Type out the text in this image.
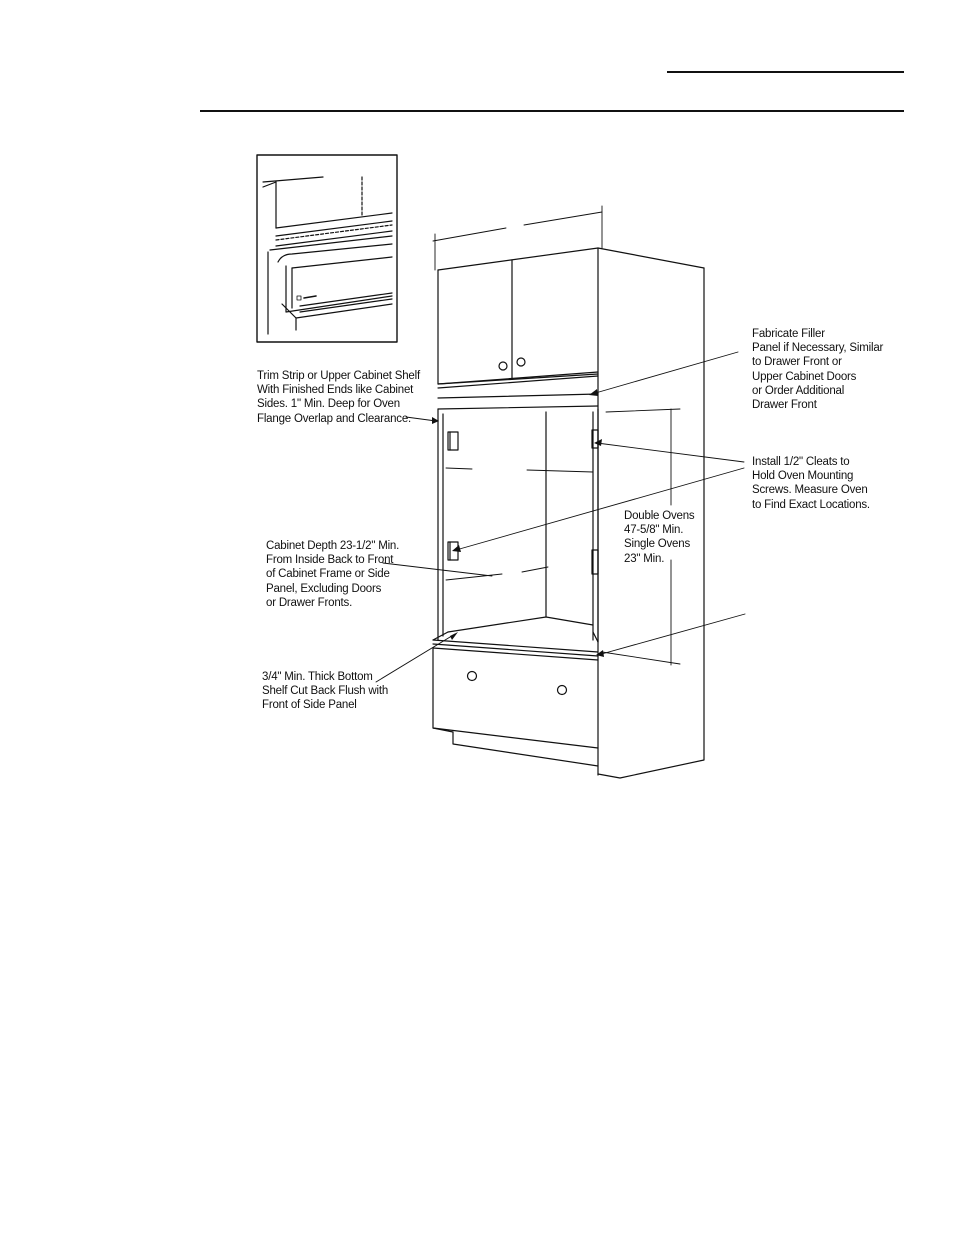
Fabricate Filler
Panel if Necessary, Similar
to Drawer Front or
Upper Cabinet Doors
or Order Additional
Drawer Front
Trim Strip or Upper Cabinet Shelf
With Finished Ends like Cabinet
Sides. 1" Min. Deep for Oven
Flange Overlap and Clearance.
Install 1/2" Cleats to
Hold Oven Mounting
Screws. Measure Oven
to Find Exact Locations.
Double Ovens
47-5/8" Min.
Single Ovens
23" Min.
Cabinet Depth 23-1/2" Min.
From Inside Back to Front
of Cabinet Frame or Side
Panel, Excluding Doors
or Drawer Fronts.
3/4" Min. Thick Bottom
Shelf Cut Back Flush with
Front of Side Panel
